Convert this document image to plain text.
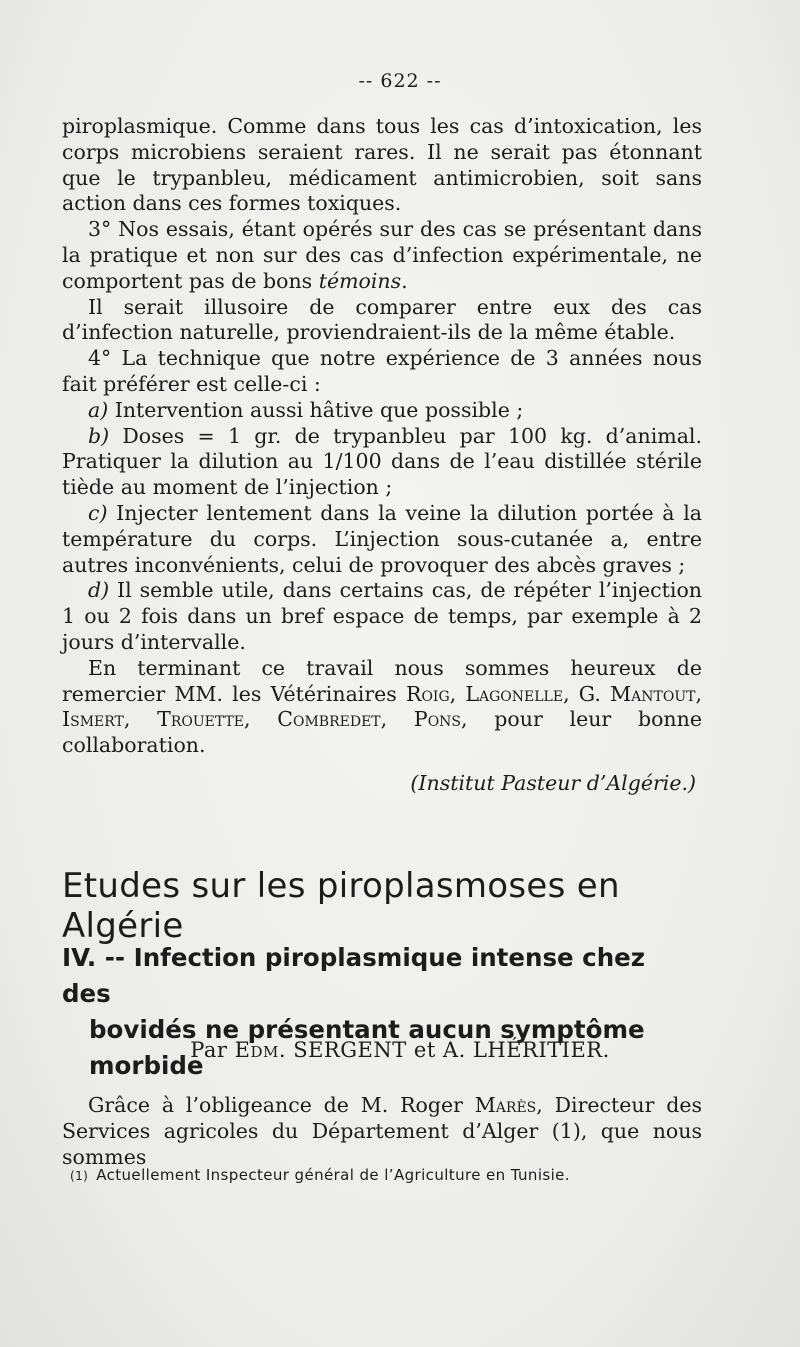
-- 622 --

piroplasmique. Comme dans tous les cas d’intoxication, les corps microbiens seraient rares. Il ne serait pas étonnant que le trypanbleu, médicament antimicrobien, soit sans action dans ces formes toxiques.

3° Nos essais, étant opérés sur des cas se présentant dans la pratique et non sur des cas d’infection expérimentale, ne comportent pas de bons témoins.

Il serait illusoire de comparer entre eux des cas d’infection naturelle, proviendraient-ils de la même étable.

4° La technique que notre expérience de 3 années nous fait préférer est celle-ci :

a) Intervention aussi hâtive que possible ;

b) Doses = 1 gr. de trypanbleu par 100 kg. d’animal. Pratiquer la dilution au 1/100 dans de l’eau distillée stérile tiède au moment de l’injection ;

c) Injecter lentement dans la veine la dilution portée à la température du corps. L’injection sous-cutanée a, entre autres inconvénients, celui de provoquer des abcès graves ;

d) Il semble utile, dans certains cas, de répéter l’injection 1 ou 2 fois dans un bref espace de temps, par exemple à 2 jours d’intervalle.

En terminant ce travail nous sommes heureux de remercier MM. les Vétérinaires Roig, Lagonelle, G. Mantout, Ismert, Trouette, Combredet, Pons, pour leur bonne collaboration.

(Institut Pasteur d’Algérie.)

Etudes sur les piroplasmoses en Algérie
IV. -- Infection piroplasmique intense chez des
bovidés ne présentant aucun symptôme morbide
Par Edm. SERGENT et A. LHÉRITIER.

Grâce à l’obligeance de M. Roger Marès, Directeur des Services agricoles du Département d’Alger (1), que nous sommes

(1) Actuellement Inspecteur général de l’Agriculture en Tunisie.
